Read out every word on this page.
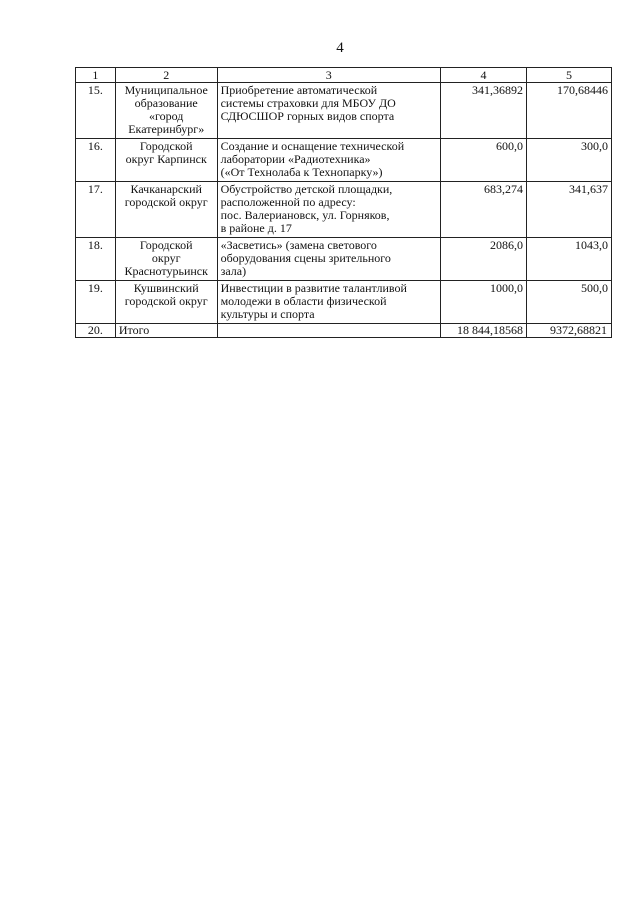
4
1	2	3	4	5
15.	Муниципальное
образование
«город
Екатеринбург»	Приобретение автоматической
системы страховки для МБОУ ДО
СДЮСШОР горных видов спорта	341,36892	170,68446
16.	Городской
округ Карпинск	Создание и оснащение технической
лаборатории «Радиотехника»
(«От Технолаба к Технопарку»)	600,0	300,0
17.	Качканарский
городской округ	Обустройство детской площадки,
расположенной по адресу:
пос. Валериановск, ул. Горняков,
в районе д. 17	683,274	341,637
18.	Городской
округ
Краснотурьинск	«Засветись» (замена светового
оборудования сцены зрительного
зала)	2086,0	1043,0
19.	Кушвинский
городской округ	Инвестиции в развитие талантливой
молодежи в области физической
культуры и спорта	1000,0	500,0
20.	Итого		18 844,18568	9372,68821
